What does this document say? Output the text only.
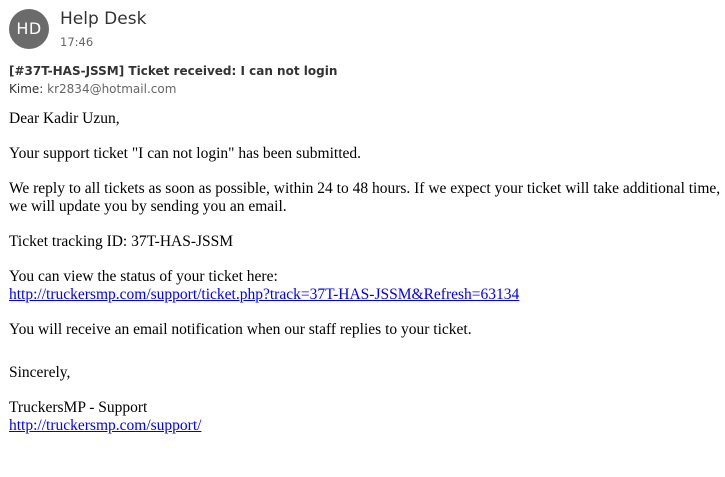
HD	Help Desk
17:46
[#37T-HAS-JSSM] Ticket received: I can not login
Kime: kr2834@hotmail.com

Dear Kadir Uzun,

Your support ticket "I can not login" has been submitted.

We reply to all tickets as soon as possible, within 24 to 48 hours. If we expect your ticket will take additional time, we will update you by sending you an email.

Ticket tracking ID: 37T-HAS-JSSM

You can view the status of your ticket here:
http://truckersmp.com/support/ticket.php?track=37T-HAS-JSSM&Refresh=63134

You will receive an email notification when our staff replies to your ticket.

Sincerely,

TruckersMP - Support
http://truckersmp.com/support/
